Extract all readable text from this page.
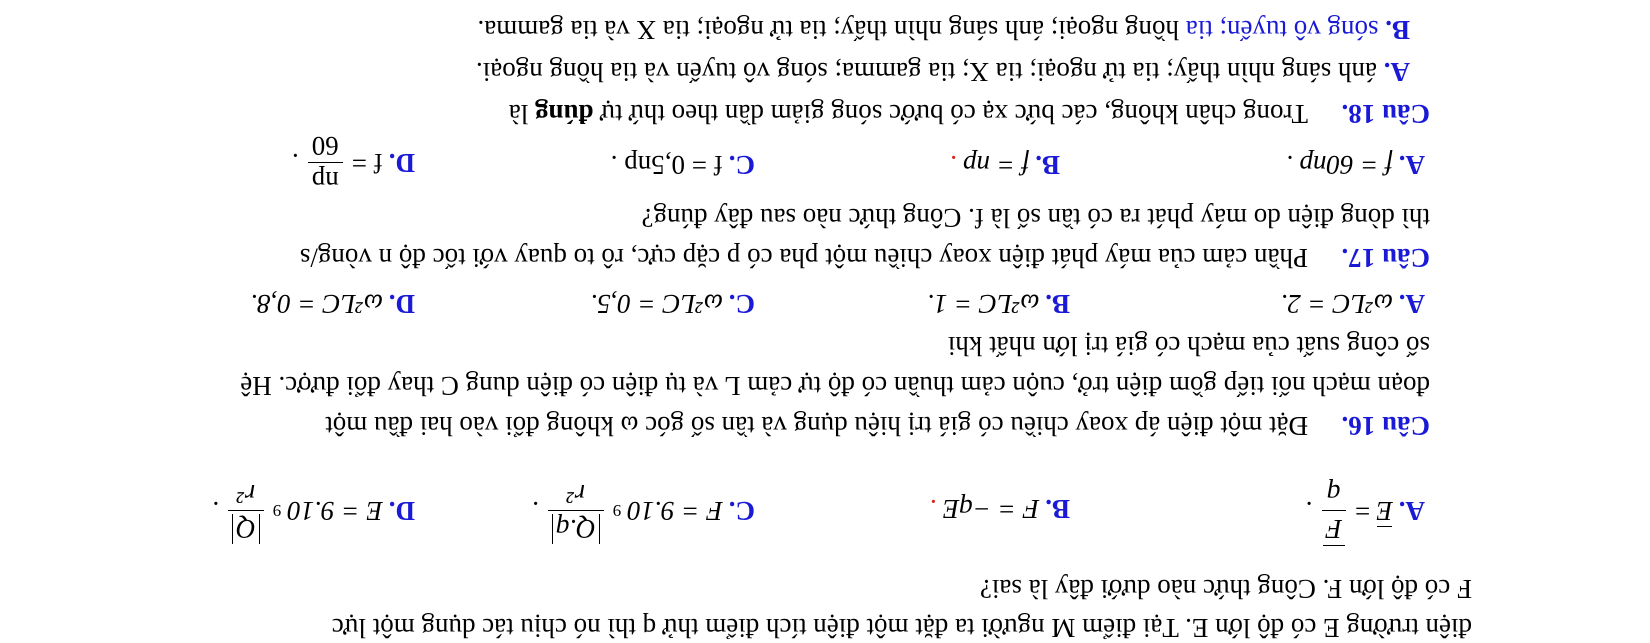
điện trường E có độ lớn E. Tại điểm M người ta đặt một điện tích điểm thử q thì nó chịu tác dụng một lực
F có độ lớn F. Công thức nào dưới đây là sai?
A.
E
=
F
q
.
B.
F = −qE
.
C.
F = 9.10
9
Q.q
r²
.
D.
E = 9.10
9
Q
r²
.
Câu 16.
Đặt một điện áp xoay chiều có giá trị hiệu dụng và tần số góc ω không đổi vào hai đầu một
đoạn mạch nối tiếp gồm điện trở, cuộn cảm thuần có độ tự cảm L và tụ điện có điện dung C thay đổi được. Hệ
số công suất của mạch có giá trị lớn nhất khi
A.
ω²LC = 2.
B.
ω²LC = 1.
C.
ω²LC = 0,5.
D.
ω²LC = 0,8.
Câu 17.
Phần cảm của máy phát điện xoay chiều một pha có p cặp cực, rô to quay với tốc độ n vòng/s
thì dòng điện do máy phát ra có tần số là f. Công thức nào sau đây đúng?
A.
f = 60np .
B.
f = np
.
C.
f = 0,5np .
D.
f =
np
60
.
Câu 18.
Trong chân không, các bức xạ có bước sóng giảm dần theo thứ tự đúng là
A. ánh sáng nhìn thấy; tia tử ngoại; tia X; tia gamma; sóng vô tuyến và tia hồng ngoại.
B. sóng vô tuyến; tia hồng ngoại; ánh sáng nhìn thấy; tia tử ngoại; tia X và tia gamma.
